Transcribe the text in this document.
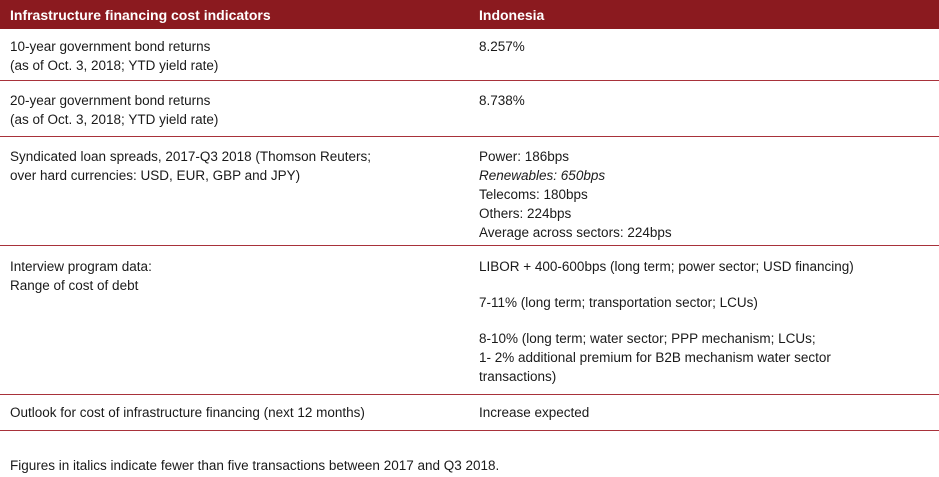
Infrastructure financing cost indicators	Indonesia
10-year government bond returns
(as of Oct. 3, 2018; YTD yield rate)
8.257%
20-year government bond returns
(as of Oct. 3, 2018; YTD yield rate)
8.738%
Syndicated loan spreads, 2017-Q3 2018 (Thomson Reuters;
over hard currencies: USD, EUR, GBP and JPY)
Power: 186bps
Renewables: 650bps
Telecoms: 180bps
Others: 224bps
Average across sectors: 224bps
Interview program data:
Range of cost of debt
LIBOR + 400-600bps (long term; power sector; USD financing)
7-11% (long term; transportation sector; LCUs)
8-10% (long term; water sector; PPP mechanism; LCUs;
1- 2% additional premium for B2B mechanism water sector
transactions)
Outlook for cost of infrastructure financing (next 12 months)	Increase expected
Figures in italics indicate fewer than five transactions between 2017 and Q3 2018.
